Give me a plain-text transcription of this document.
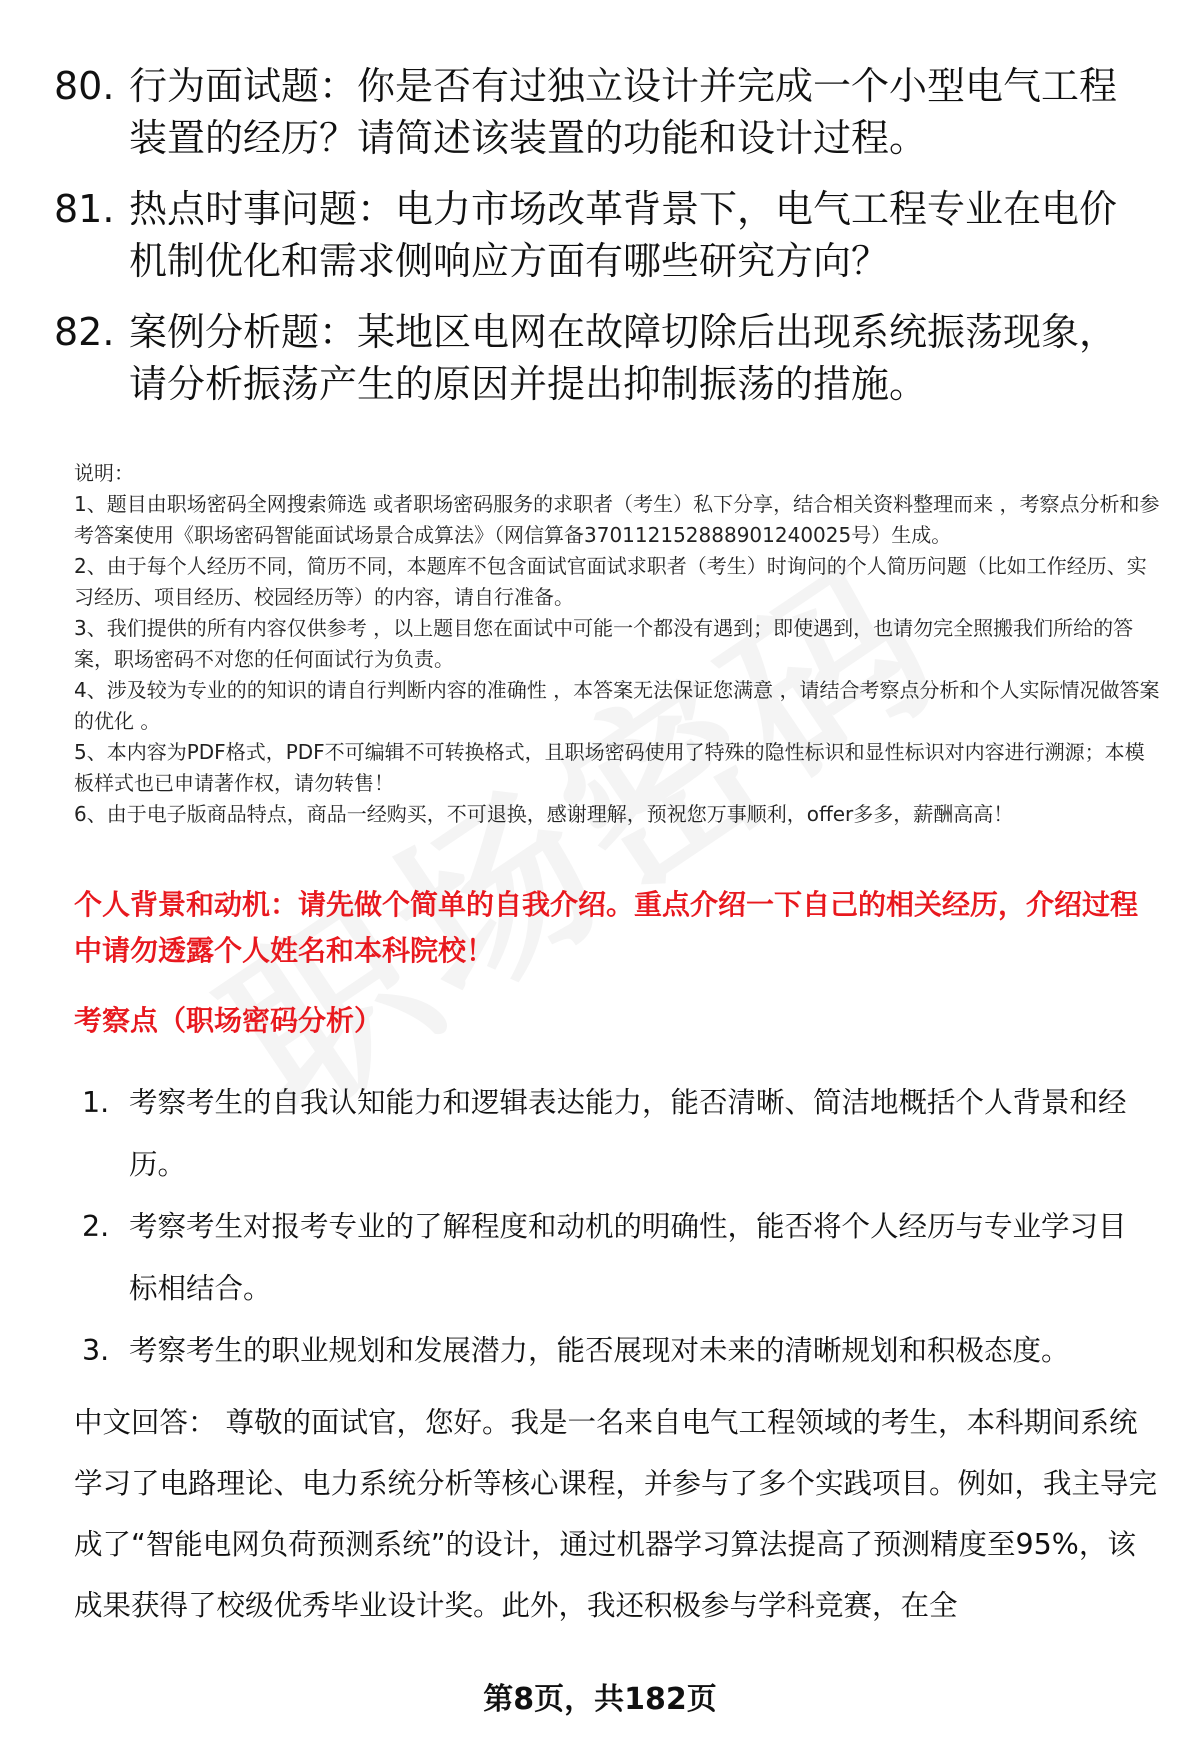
80. 行为面试题：你是否有过独立设计并完成一个小型电气工程装置的经历？请简述该装置的功能和设计过程。
81. 热点时事问题：电力市场改革背景下，电气工程专业在电价机制优化和需求侧响应方面有哪些研究方向？
82. 案例分析题：某地区电网在故障切除后出现系统振荡现象，请分析振荡产生的原因并提出抑制振荡的措施。

说明：

1、题目由职场密码全网搜索筛选 或者职场密码服务的求职者（考生）私下分享，结合相关资料整理而来 ，考察点分析和参考答案使用《职场密码智能面试场景合成算法》（网信算备370112152888901240025号）生成。

2、由于每个人经历不同，简历不同，本题库不包含面试官面试求职者（考生）时询问的个人简历问题（比如工作经历、实习经历、项目经历、校园经历等）的内容，请自行准备。

3、我们提供的所有内容仅供参考 ，以上题目您在面试中可能一个都没有遇到；即使遇到，也请勿完全照搬我们所给的答案，职场密码不对您的任何面试行为负责。

4、涉及较为专业的的知识的请自行判断内容的准确性 ，本答案无法保证您满意 ，请结合考察点分析和个人实际情况做答案的优化 。

5、本内容为PDF格式，PDF不可编辑不可转换格式，且职场密码使用了特殊的隐性标识和显性标识对内容进行溯源；本模板样式也已申请著作权，请勿转售！

6、由于电子版商品特点，商品一经购买，不可退换，感谢理解，预祝您万事顺利，offer多多，薪酬高高！

个人背景和动机：请先做个简单的自我介绍。重点介绍一下自己的相关经历，介绍过程中请勿透露个人姓名和本科院校！
考察点（职场密码分析）
1. 考察考生的自我认知能力和逻辑表达能力，能否清晰、简洁地概括个人背景和经历。
2. 考察考生对报考专业的了解程度和动机的明确性，能否将个人经历与专业学习目标相结合。
3. 考察考生的职业规划和发展潜力，能否展现对未来的清晰规划和积极态度。

中文回答： 尊敬的面试官，您好。我是一名来自电气工程领域的考生，本科期间系统学习了电路理论、电力系统分析等核心课程，并参与了多个实践项目。例如，我主导完成了“智能电网负荷预测系统”的设计，通过机器学习算法提高了预测精度至95%，该成果获得了校级优秀毕业设计奖。此外，我还积极参与学科竞赛，在全

第8页，共182页
